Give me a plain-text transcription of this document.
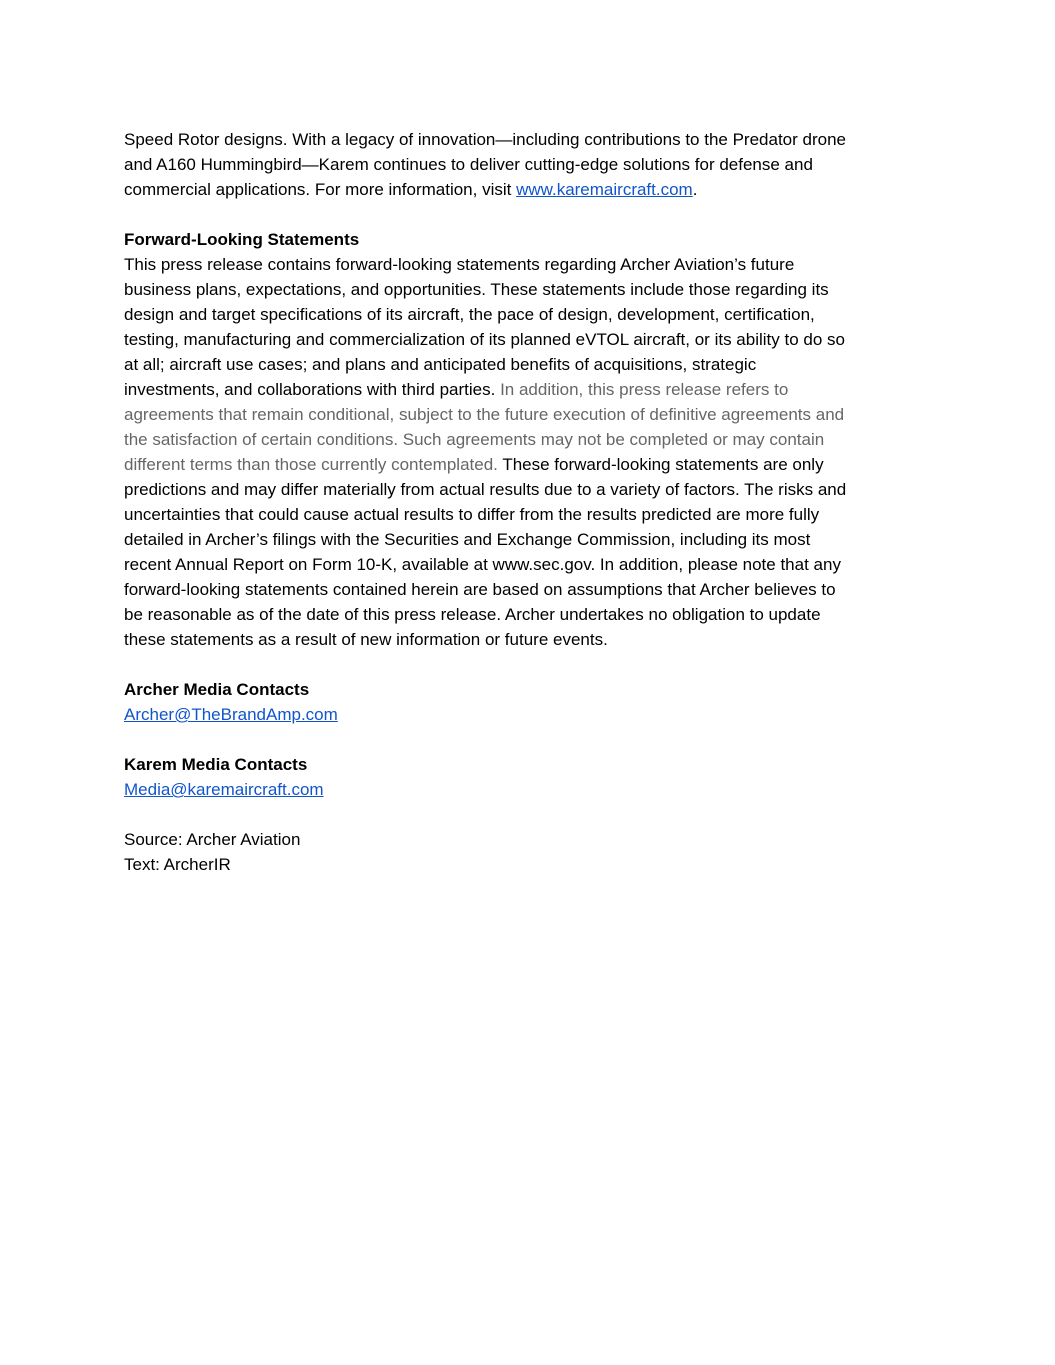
Speed Rotor designs. With a legacy of innovation—including contributions to the Predator drone
and A160 Hummingbird—Karem continues to deliver cutting-edge solutions for defense and
commercial applications. For more information, visit www.karemaircraft.com.
Forward-Looking Statements
This press release contains forward-looking statements regarding Archer Aviation’s future
business plans, expectations, and opportunities. These statements include those regarding its
design and target specifications of its aircraft, the pace of design, development, certification,
testing, manufacturing and commercialization of its planned eVTOL aircraft, or its ability to do so
at all; aircraft use cases; and plans and anticipated benefits of acquisitions, strategic
investments, and collaborations with third parties. In addition, this press release refers to
agreements that remain conditional, subject to the future execution of definitive agreements and
the satisfaction of certain conditions. Such agreements may not be completed or may contain
different terms than those currently contemplated. These forward-looking statements are only
predictions and may differ materially from actual results due to a variety of factors. The risks and
uncertainties that could cause actual results to differ from the results predicted are more fully
detailed in Archer’s filings with the Securities and Exchange Commission, including its most
recent Annual Report on Form 10-K, available at www.sec.gov. In addition, please note that any
forward-looking statements contained herein are based on assumptions that Archer believes to
be reasonable as of the date of this press release. Archer undertakes no obligation to update
these statements as a result of new information or future events.
Archer Media Contacts
Archer@TheBrandAmp.com
Karem Media Contacts
Media@karemaircraft.com
Source: Archer Aviation
Text: ArcherIR
